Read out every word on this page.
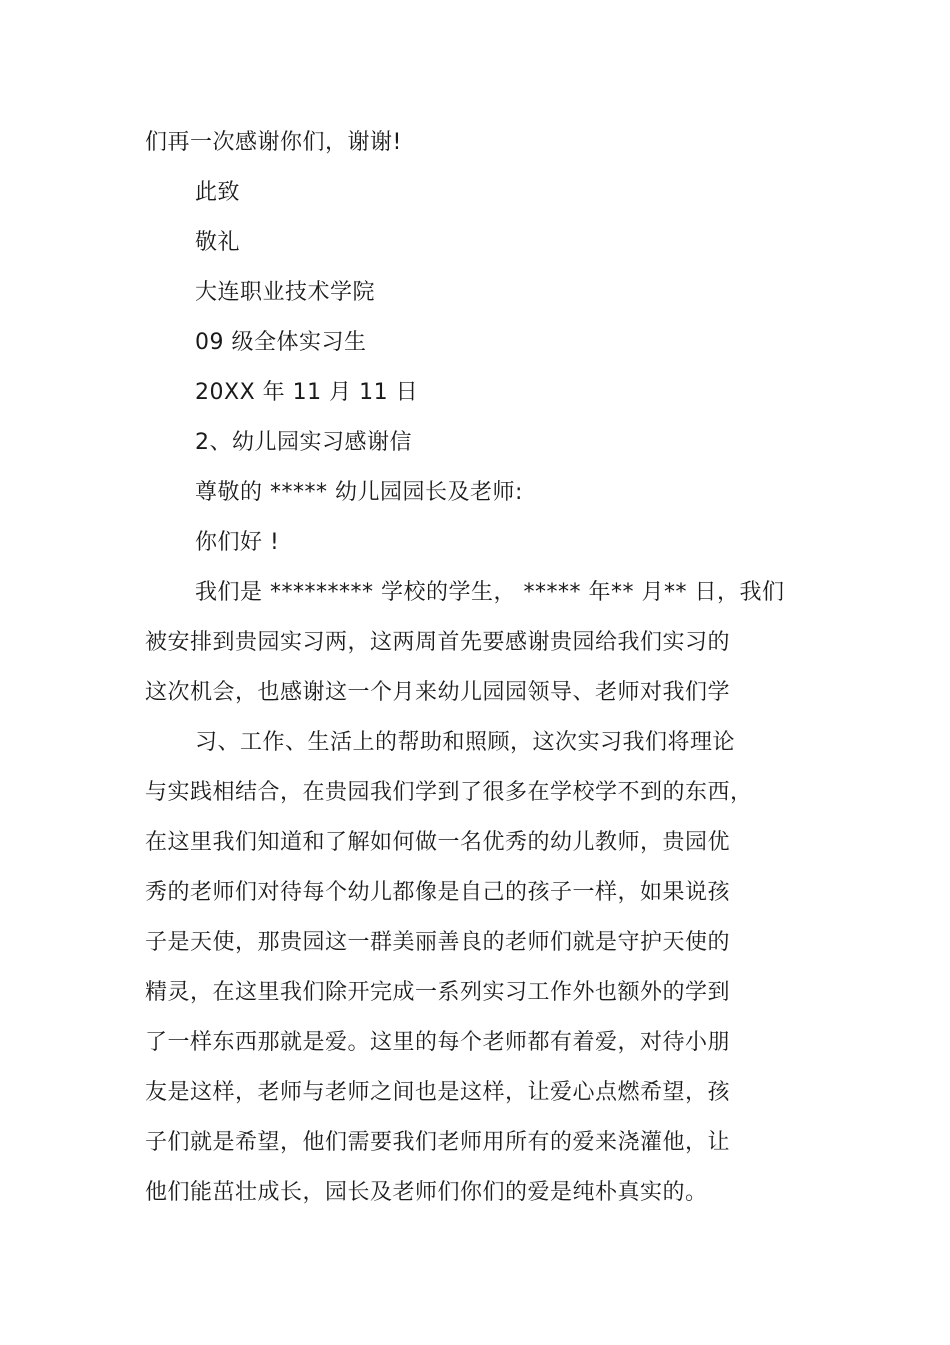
们再一次感谢你们，谢谢!
此致
敬礼
大连职业技术学院
09 级全体实习生
20XX 年 11 月 11 日
2、幼儿园实习感谢信
尊敬的 ***** 幼儿园园长及老师:
你们好 !
我们是 ********* 学校的学生， ***** 年** 月** 日，我们
被安排到贵园实习两，这两周首先要感谢贵园给我们实习的
这次机会，也感谢这一个月来幼儿园园领导、老师对我们学
习、工作、生活上的帮助和照顾，这次实习我们将理论
与实践相结合，在贵园我们学到了很多在学校学不到的东西，
在这里我们知道和了解如何做一名优秀的幼儿教师，贵园优
秀的老师们对待每个幼儿都像是自己的孩子一样，如果说孩
子是天使，那贵园这一群美丽善良的老师们就是守护天使的
精灵，在这里我们除开完成一系列实习工作外也额外的学到
了一样东西那就是爱。这里的每个老师都有着爱，对待小朋
友是这样，老师与老师之间也是这样，让爱心点燃希望，孩
子们就是希望，他们需要我们老师用所有的爱来浇灌他，让
他们能茁壮成长，园长及老师们你们的爱是纯朴真实的。
